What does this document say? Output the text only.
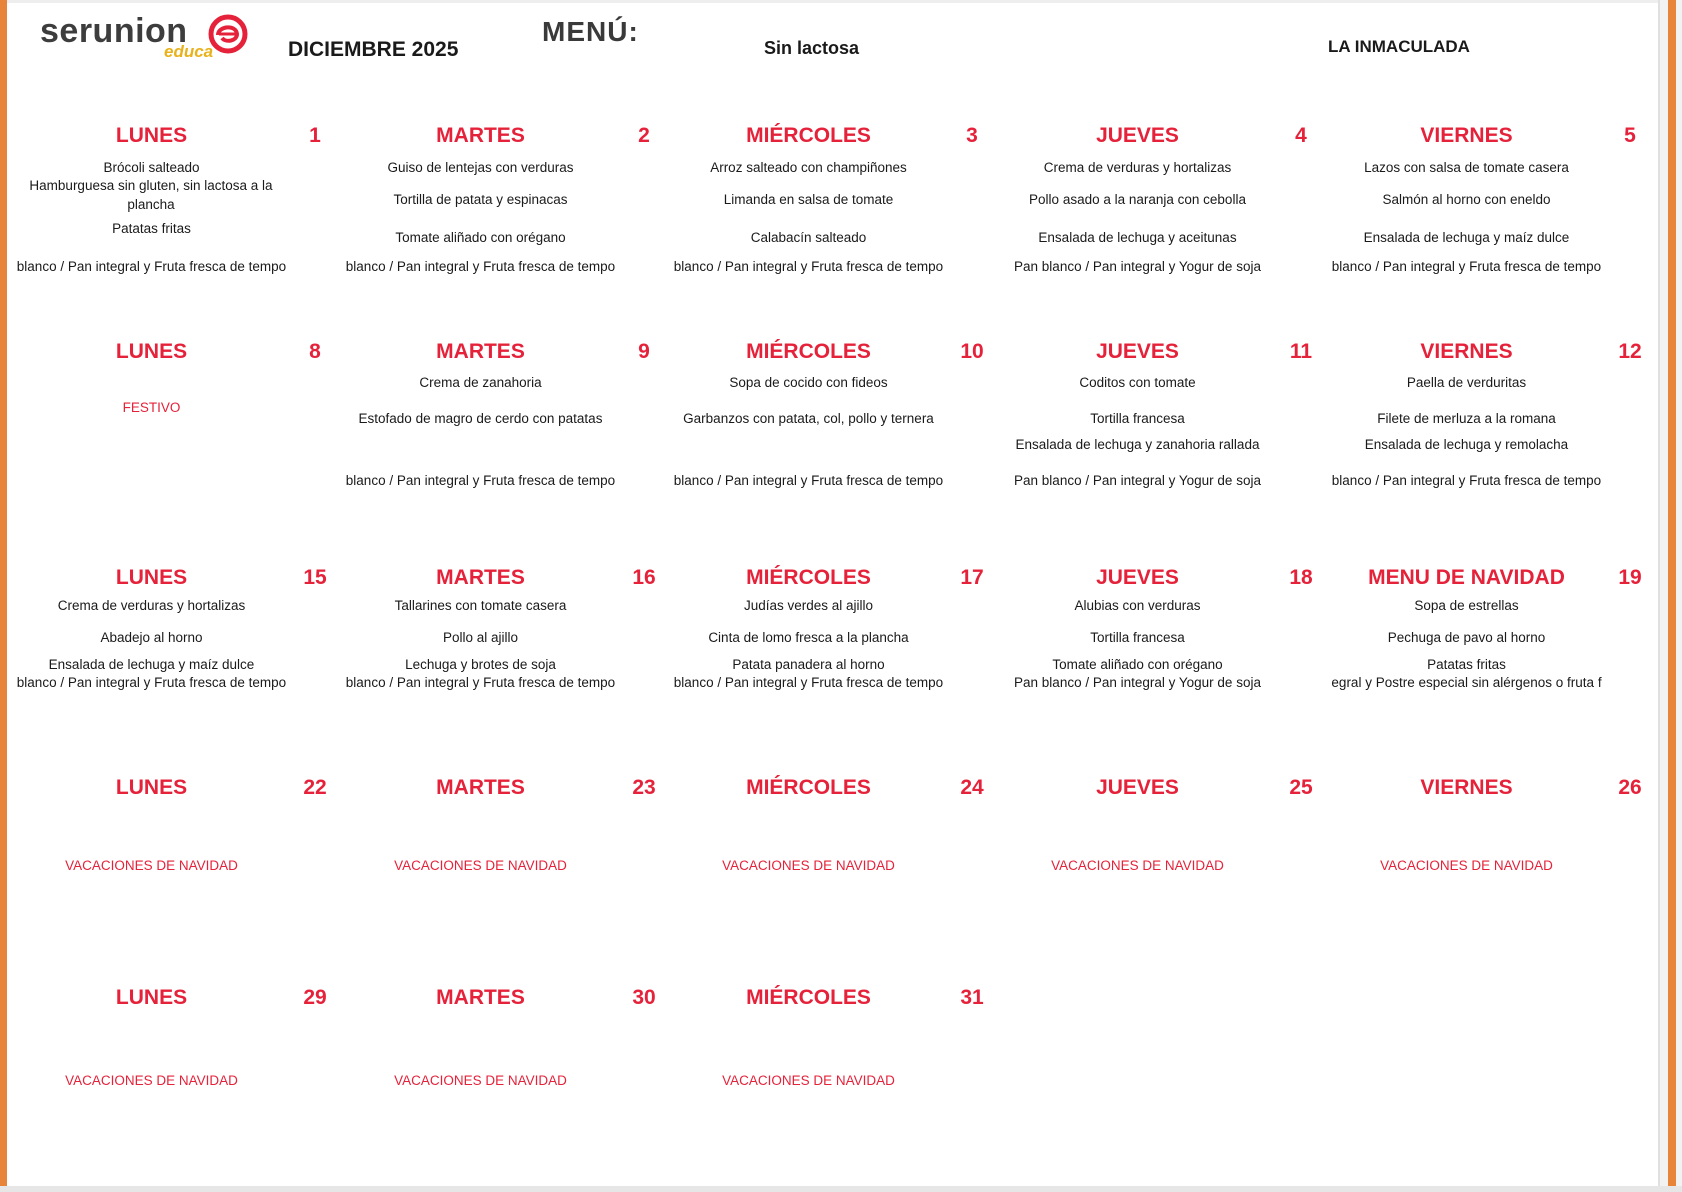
serunion
educa	DICIEMBRE 2025
MENÚ:
Sin lactosa	LA INMACULADA
LUNES	1
Brócoli salteado
Hamburguesa sin gluten, sin lactosa a la plancha
Patatas fritas
blanco / Pan integral y Fruta fresca de tempo
MARTES	2
Guiso de lentejas con verduras
Tortilla de patata y espinacas
Tomate aliñado con orégano
blanco / Pan integral y Fruta fresca de tempo
MIÉRCOLES	3
Arroz salteado con champiñones
Limanda en salsa de tomate
Calabacín salteado
blanco / Pan integral y Fruta fresca de tempo
JUEVES	4
Crema de verduras y hortalizas
Pollo asado a la naranja con cebolla
Ensalada de lechuga y aceitunas
Pan blanco / Pan integral y Yogur de soja
VIERNES	5
Lazos con salsa de tomate casera
Salmón al horno con eneldo
Ensalada de lechuga y maíz dulce
blanco / Pan integral y Fruta fresca de tempo
LUNES	8
FESTIVO
MARTES	9
Crema de zanahoria
Estofado de magro de cerdo con patatas
blanco / Pan integral y Fruta fresca de tempo
MIÉRCOLES	10
Sopa de cocido con fideos
Garbanzos con patata, col, pollo y ternera
blanco / Pan integral y Fruta fresca de tempo
JUEVES	11
Coditos con tomate
Tortilla francesa
Ensalada de lechuga y zanahoria rallada
Pan blanco / Pan integral y Yogur de soja
VIERNES	12
Paella de verduritas
Filete de merluza a la romana
Ensalada de lechuga y remolacha
blanco / Pan integral y Fruta fresca de tempo
LUNES	15
Crema de verduras y hortalizas
Abadejo al horno
Ensalada de lechuga y maíz dulce
blanco / Pan integral y Fruta fresca de tempo
MARTES	16
Tallarines con tomate casera
Pollo al ajillo
Lechuga y brotes de soja
blanco / Pan integral y Fruta fresca de tempo
MIÉRCOLES	17
Judías verdes al ajillo
Cinta de lomo fresca a la plancha
Patata panadera al horno
blanco / Pan integral y Fruta fresca de tempo
JUEVES	18
Alubias con verduras
Tortilla francesa
Tomate aliñado con orégano
Pan blanco / Pan integral y Yogur de soja
MENU DE NAVIDAD	19
Sopa de estrellas
Pechuga de pavo al horno
Patatas fritas
egral y Postre especial sin alérgenos o fruta f
LUNES	22
VACACIONES DE NAVIDAD
MARTES	23
VACACIONES DE NAVIDAD
MIÉRCOLES	24
VACACIONES DE NAVIDAD
JUEVES	25
VACACIONES DE NAVIDAD
VIERNES	26
VACACIONES DE NAVIDAD
LUNES	29
VACACIONES DE NAVIDAD
MARTES	30
VACACIONES DE NAVIDAD
MIÉRCOLES	31
VACACIONES DE NAVIDAD
